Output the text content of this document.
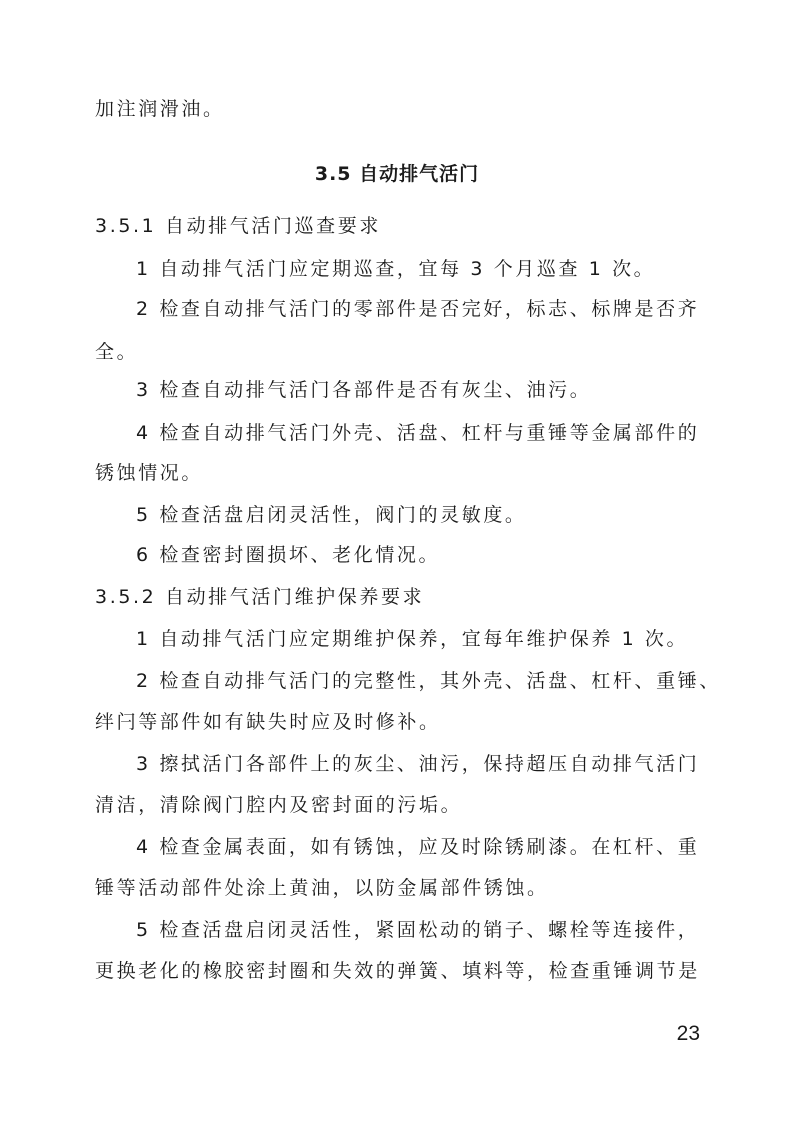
加注润滑油。
3.5 自动排气活门
3.5.1 自动排气活门巡查要求
1 自动排气活门应定期巡查，宜每 3 个月巡查 1 次。
2 检查自动排气活门的零部件是否完好，标志、标牌是否齐
全。
3 检查自动排气活门各部件是否有灰尘、油污。
4 检查自动排气活门外壳、活盘、杠杆与重锤等金属部件的
锈蚀情况。
5 检查活盘启闭灵活性，阀门的灵敏度。
6 检查密封圈损坏、老化情况。
3.5.2 自动排气活门维护保养要求
1 自动排气活门应定期维护保养，宜每年维护保养 1 次。
2 检查自动排气活门的完整性，其外壳、活盘、杠杆、重锤、
绊闩等部件如有缺失时应及时修补。
3 擦拭活门各部件上的灰尘、油污，保持超压自动排气活门
清洁，清除阀门腔内及密封面的污垢。
4 检查金属表面，如有锈蚀，应及时除锈刷漆。在杠杆、重
锤等活动部件处涂上黄油，以防金属部件锈蚀。
5 检查活盘启闭灵活性，紧固松动的销子、螺栓等连接件，
更换老化的橡胶密封圈和失效的弹簧、填料等，检查重锤调节是
23
